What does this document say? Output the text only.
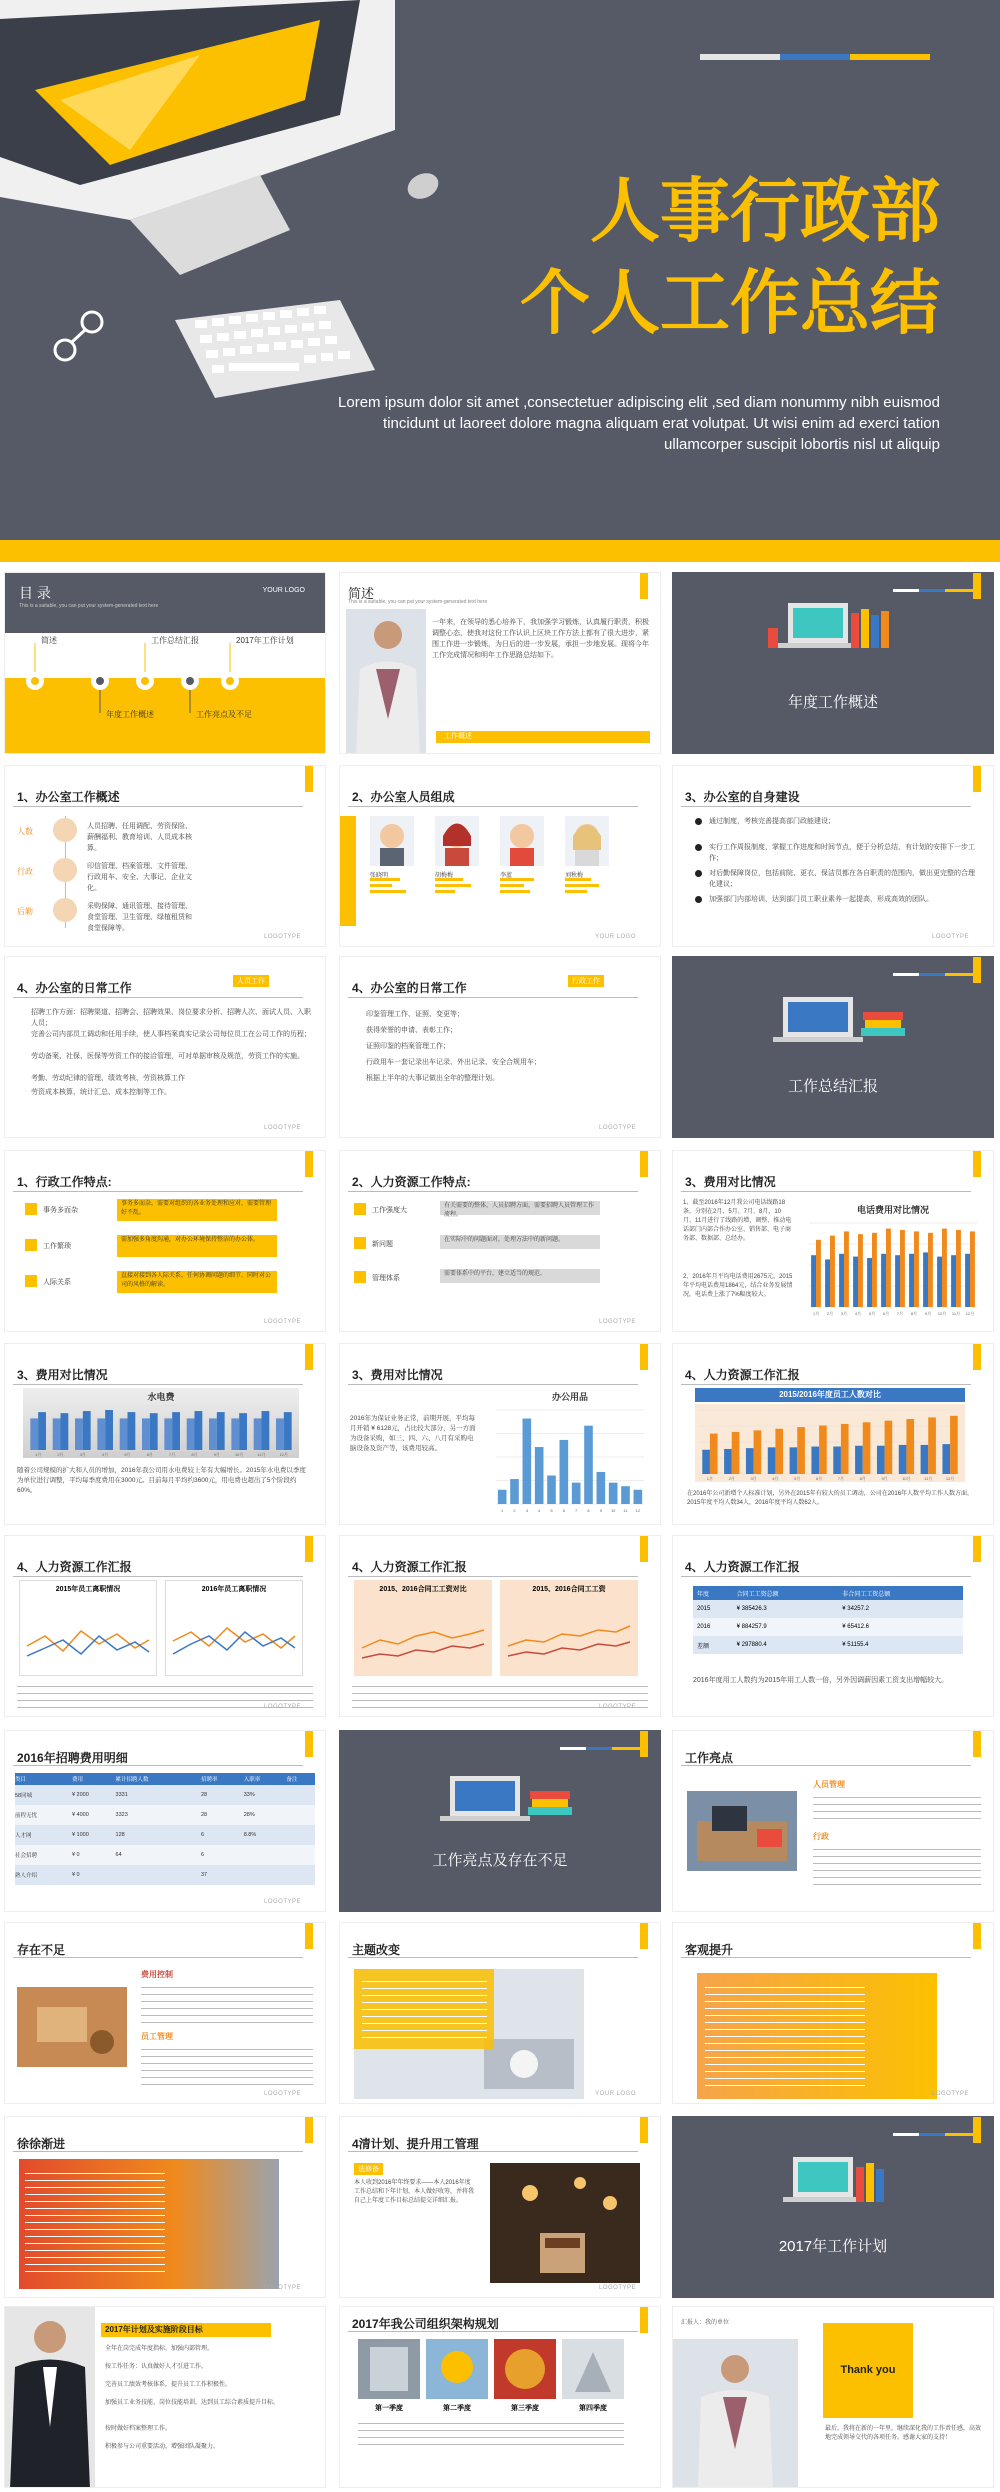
人事行政部
个人工作总结
Lorem ipsum dolor sit amet ,consectetuer adipiscing elit ,sed diam nonummy nibh euismod tincidunt ut laoreet dolore magna aliquam erat volutpat. Ut wisi enim ad exerci tation ullamcorper suscipit lobortis nisl ut aliquip
目 录
This is a suitable, you can put your system-generated text here
YOUR LOGO
简述	工作总结汇报	2017年工作计划
年度工作概述	工作亮点及不足
简述
This is a suitable, you can put your system-generated text here
一年来，在领导的悉心培养下，我加强学习锻炼，认真履行职责，积极调整心态，使我对这份工作认识上区块工作方法上都有了很大进步，紧围工作进一步锻炼，为日后的进一步发展，承担一步地发展。现将今年工作完成情况和明年工作思路总结如下。
工作概述
年度工作概述
1、办公室工作概述
人数
行政
后勤
人员招聘、任用调配、劳资保险、薪酬福利、教育培训、人员成本核算。
印信管理、档案管理、文件管理、行政用车、安全、大事记、企业文化。
采购保障、通讯管理、接待管理、食堂管理、卫生管理、绿植租赁和食堂保障等。
LOGOTYPE
2、办公室人员组成
张晓明	胡梅梅	李蓝	刘秋梅
YOUR LOGO
3、办公室的自身建设
通过制度，考核完善提高部门政能建设；
实行工作周报制度，掌握工作进度和时间节点，便于分析总结，有计划的安排下一步工作；
对后勤保障岗位，包括前院、更衣、保洁员都在各自职责的范围内，做出更完整的合理化建议；
加强部门内部培训，达到部门员工职业素养一起提高，形成高效的团队。
LOGOTYPE
4、办公室的日常工作	人员工作
招聘工作方面：招聘渠道、招聘会、招聘效果、岗位要求分析、招聘人次、面试人员、入职人员；
完善公司内部员工调动和任用手续，使人事档案真实记录公司每位员工在公司工作的历程；
劳动备案、社保、医保等劳资工作的接洽管理，可对单据审核及规范，劳资工作的实施。
考勤、劳动纪律的管理、绩效考核、劳资核算工作
劳资成本核算，统计汇总、成本控制等工作。
LOGOTYPE
4、办公室的日常工作	行政工作
印鉴管理工作、证照、变更等；
获得荣誉的申请、表彰工作；
证照印鉴的档案管理工作；
行政用车一套记录出车记录、外出记录、安全合规用车；
根据上半年的大事记做出全年的整理计划。
LOGOTYPE
工作总结汇报
1、行政工作特点:
事务多而杂
工作繁琐
人际关系
事务多而杂，需要对组织的各业务处理和应对，需要管理好不乱。
需加强多角度沟通，对办公环境保持整洁的办公体。
直接对接到各人际关系，任何协调问题的细节，同时对公司的风格的解读。
LOGOTYPE
2、人力资源工作特点:
工作强度大
新问题
管理体系
有关需要的整体，人员招聘方面，需要招聘人员管理工作流程。
在实际中的问题面对，处理方法中的新问题。
需要体系中的平台，建立适当的规范。
LOGOTYPE
3、费用对比情况
1、截至2016年12月我公司电话线路18条，分别在2月、5月、7月、8月、10月、11月进行了线路的增、调整，推动电话部门内部合作办公室、销售部、电子商务部、数据部、总经办。
2、2016年月平均电话费用2675元，2015年平均电话费用1864元，结合业务发展情况，电话费上涨了7%幅度较大。
电话费用对比情况
1月 2月 3月 4月 5月 6月 7月 8月 9月 10月 11月 12月
3、费用对比情况
水电费
1月	2月	3月	4月	5月	6月	7月	8月	9月	10月	11月	12月
随着公司规模的扩大和人员的增加，2016年我公司用水电费较上年有大幅增长。2015年水电费以季度为单位进行调整，平均每季度费用在3000元。目前每月平均约3600元，用电费也超出了5个阶段约60%。
3、费用对比情况
2016年为保证业务正常，前期开展，平均每月开销 ¥ 6128元，占比较大部分，另一方面为设备采购，如三、四、六、八月有采购电脑设备及资产等，该费用较高。
办公用品
1	2	3	4	5	6	7	8	9 10 11 12
4、人力资源工作汇报
2015/2016年度员工人数对比
1月	2月	3月	4月	5月	6月	7月	8月	9月	10月	11月	12月
在2016年公司新增个人标准计划，另外在2015年有较大的员工调动，公司在2016年人数平均工作人数方面，2015年度平均人数34人，2016年度平均人数62人。
4、人力资源工作汇报
2015年员工离职情况	2016年员工离职情况
LOGOTYPE
4、人力资源工作汇报
2015、2016合同工工资对比	2015、2016合同工工资
LOGOTYPE
4、人力资源工作汇报
年度	合同工工资总额	非合同工工资总额
2015	¥ 385426.3	¥ 34257.2
2016	¥ 884257.9	¥ 65412.6
差额	¥ 297880.4	¥ 51155.4
2016年度用工人数约为2015年用工人数一倍，另外因调薪因素工资支出增幅较大。
2016年招聘费用明细
类目	费用	累计招聘人数	招聘率	入职率	备注
58同城	¥ 2000	3331	28	33%	
前程无忧	¥ 4000	3323	28	28%	
人才网	¥ 1000	128	6	8.8%	
社会招聘	¥ 0	64	6		
熟人介绍	¥ 0		37		
LOGOTYPE
工作亮点及存在不足
工作亮点
人员管理
行政
存在不足
费用控制
员工管理
LOGOTYPE
主题改变
YOUR LOGO
客观提升
LOGOTYPE
徐徐渐进
LOGOTYPE
4清计划、提升用工管理
选修备
本人收到2016年年终要求——本人2016年度工作总结和下年计划，本人做好收筹，并将我自己上年度工作目标总结提交详细汇报。
LOGOTYPE
2017年工作计划
2017年计划及实施阶段目标
全年在岗完成年度指标，加强内部管理。
按工作任务：认真做好人才引进工作。
完善员工绩效考核体系，提升员工工作积极性。
加强员工业务技能、岗位技能培训，达到员工综合素质提升目标。
按时做好档案整理工作。
积极参与公司重要活动，增强团队凝聚力。
2017年我公司组织架构规划
第一季度	第二季度	第三季度	第四季度
汇报人：我的单位
Thank you
最后，我将在新的一年里，继续深化我的工作责任感，高效地完成领导交代的各项任务。感谢大家的支持！
